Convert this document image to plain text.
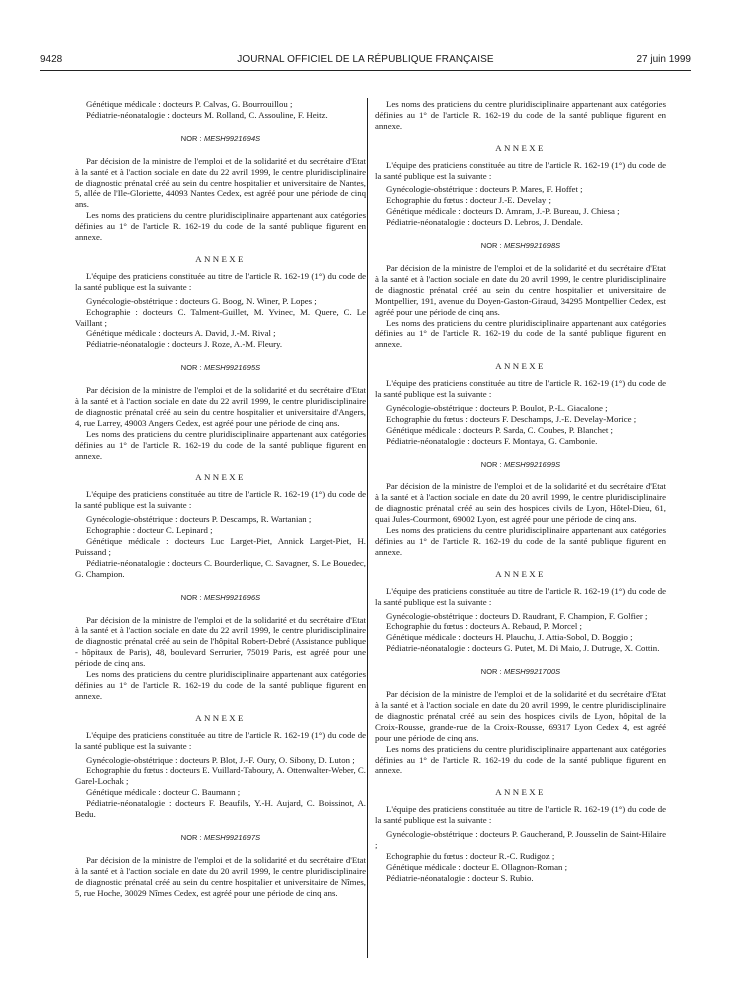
9428	JOURNAL OFFICIEL DE LA RÉPUBLIQUE FRANÇAISE	27 juin 1999

Génétique médicale : docteurs P. Calvas, G. Bourrouillou ;

Pédiatrie-néonatalogie : docteurs M. Rolland, C. Assouline, F. Heitz.

NOR : MESH9921694S

Par décision de la ministre de l'emploi et de la solidarité et du secrétaire d'Etat à la santé et à l'action sociale en date du 22 avril 1999, le centre pluridisciplinaire de diagnostic prénatal créé au sein du centre hospitalier et universitaire de Nantes, 5, allée de l'Ile-Gloriette, 44093 Nantes Cedex, est agréé pour une période de cinq ans.

Les noms des praticiens du centre pluridisciplinaire appartenant aux catégories définies au 1° de l'article R. 162-19 du code de la santé publique figurent en annexe.

ANNEXE

L'équipe des praticiens constituée au titre de l'article R. 162-19 (1°) du code de la santé publique est la suivante :

Gynécologie-obstétrique : docteurs G. Boog, N. Winer, P. Lopes ;

Echographie : docteurs C. Talment-Guillet, M. Yvinec, M. Quere, C. Le Vaillant ;

Génétique médicale : docteurs A. David, J.-M. Rival ;

Pédiatrie-néonatalogie : docteurs J. Roze, A.-M. Fleury.

NOR : MESH9921695S

Par décision de la ministre de l'emploi et de la solidarité et du secrétaire d'Etat à la santé et à l'action sociale en date du 22 avril 1999, le centre pluridisciplinaire de diagnostic prénatal créé au sein du centre hospitalier et universitaire d'Angers, 4, rue Larrey, 49003 Angers Cedex, est agréé pour une période de cinq ans.

Les noms des praticiens du centre pluridisciplinaire appartenant aux catégories définies au 1° de l'article R. 162-19 du code de la santé publique figurent en annexe.

ANNEXE

L'équipe des praticiens constituée au titre de l'article R. 162-19 (1°) du code de la santé publique est la suivante :

Gynécologie-obstétrique : docteurs P. Descamps, R. Wartanian ;

Echographie : docteur C. Lepinard ;

Génétique médicale : docteurs Luc Larget-Piet, Annick Larget-Piet, H. Puissand ;

Pédiatrie-néonatalogie : docteurs C. Bourderlique, C. Savagner, S. Le Bouedec, G. Champion.

NOR : MESH9921696S

Par décision de la ministre de l'emploi et de la solidarité et du secrétaire d'Etat à la santé et à l'action sociale en date du 22 avril 1999, le centre pluridisciplinaire de diagnostic prénatal créé au sein de l'hôpital Robert-Debré (Assistance publique - hôpitaux de Paris), 48, boulevard Serrurier, 75019 Paris, est agréé pour une période de cinq ans.

Les noms des praticiens du centre pluridisciplinaire appartenant aux catégories définies au 1° de l'article R. 162-19 du code de la santé publique figurent en annexe.

ANNEXE

L'équipe des praticiens constituée au titre de l'article R. 162-19 (1°) du code de la santé publique est la suivante :

Gynécologie-obstétrique : docteurs P. Blot, J.-F. Oury, O. Sibony, D. Luton ;

Echographie du fœtus : docteurs E. Vuillard-Taboury, A. Ottenwalter-Weber, C. Garel-Lochak ;

Génétique médicale : docteur C. Baumann ;

Pédiatrie-néonatalogie : docteurs F. Beaufils, Y.-H. Aujard, C. Boissinot, A. Bedu.

NOR : MESH9921697S

Par décision de la ministre de l'emploi et de la solidarité et du secrétaire d'Etat à la santé et à l'action sociale en date du 20 avril 1999, le centre pluridisciplinaire de diagnostic prénatal créé au sein du centre hospitalier et universitaire de Nîmes, 5, rue Hoche, 30029 Nîmes Cedex, est agréé pour une période de cinq ans.

Les noms des praticiens du centre pluridisciplinaire appartenant aux catégories définies au 1° de l'article R. 162-19 du code de la santé publique figurent en annexe.

ANNEXE

L'équipe des praticiens constituée au titre de l'article R. 162-19 (1°) du code de la santé publique est la suivante :

Gynécologie-obstétrique : docteurs P. Mares, F. Hoffet ;

Echographie du fœtus : docteur J.-E. Develay ;

Génétique médicale : docteurs D. Amram, J.-P. Bureau, J. Chiesa ;

Pédiatrie-néonatalogie : docteurs D. Lebros, J. Dendale.

NOR : MESH9921698S

Par décision de la ministre de l'emploi et de la solidarité et du secrétaire d'Etat à la santé et à l'action sociale en date du 20 avril 1999, le centre pluridisciplinaire de diagnostic prénatal créé au sein du centre hospitalier et universitaire de Montpellier, 191, avenue du Doyen-Gaston-Giraud, 34295 Montpellier Cedex, est agréé pour une période de cinq ans.

Les noms des praticiens du centre pluridisciplinaire appartenant aux catégories définies au 1° de l'article R. 162-19 du code de la santé publique figurent en annexe.

ANNEXE

L'équipe des praticiens constituée au titre de l'article R. 162-19 (1°) du code de la santé publique est la suivante :

Gynécologie-obstétrique : docteurs P. Boulot, P.-L. Giacalone ;

Echographie du fœtus : docteurs F. Deschamps, J.-E. Develay-Morice ;

Génétique médicale : docteurs P. Sarda, C. Coubes, P. Blanchet ;

Pédiatrie-néonatalogie : docteurs F. Montaya, G. Cambonie.

NOR : MESH9921699S

Par décision de la ministre de l'emploi et de la solidarité et du secrétaire d'Etat à la santé et à l'action sociale en date du 20 avril 1999, le centre pluridisciplinaire de diagnostic prénatal créé au sein des hospices civils de Lyon, Hôtel-Dieu, 61, quai Jules-Courmont, 69002 Lyon, est agréé pour une période de cinq ans.

Les noms des praticiens du centre pluridisciplinaire appartenant aux catégories définies au 1° de l'article R. 162-19 du code de la santé publique figurent en annexe.

ANNEXE

L'équipe des praticiens constituée au titre de l'article R. 162-19 (1°) du code de la santé publique est la suivante :

Gynécologie-obstétrique : docteurs D. Raudrant, F. Champion, F. Golfier ;

Echographie du fœtus : docteurs A. Rebaud, P. Morcel ;

Génétique médicale : docteurs H. Plauchu, J. Attia-Sobol, D. Boggio ;

Pédiatrie-néonatalogie : docteurs G. Putet, M. Di Maio, J. Dutruge, X. Cottin.

NOR : MESH9921700S

Par décision de la ministre de l'emploi et de la solidarité et du secrétaire d'Etat à la santé et à l'action sociale en date du 20 avril 1999, le centre pluridisciplinaire de diagnostic prénatal créé au sein des hospices civils de Lyon, hôpital de la Croix-Rousse, grande-rue de la Croix-Rousse, 69317 Lyon Cedex 4, est agréé pour une période de cinq ans.

Les noms des praticiens du centre pluridisciplinaire appartenant aux catégories définies au 1° de l'article R. 162-19 du code de la santé publique figurent en annexe.

ANNEXE

L'équipe des praticiens constituée au titre de l'article R. 162-19 (1°) du code de la santé publique est la suivante :

Gynécologie-obstétrique : docteurs P. Gaucherand, P. Jousselin de Saint-Hilaire ;

Echographie du fœtus : docteur R.-C. Rudigoz ;

Génétique médicale : docteur E. Ollagnon-Roman ;

Pédiatrie-néonatalogie : docteur S. Rubio.
